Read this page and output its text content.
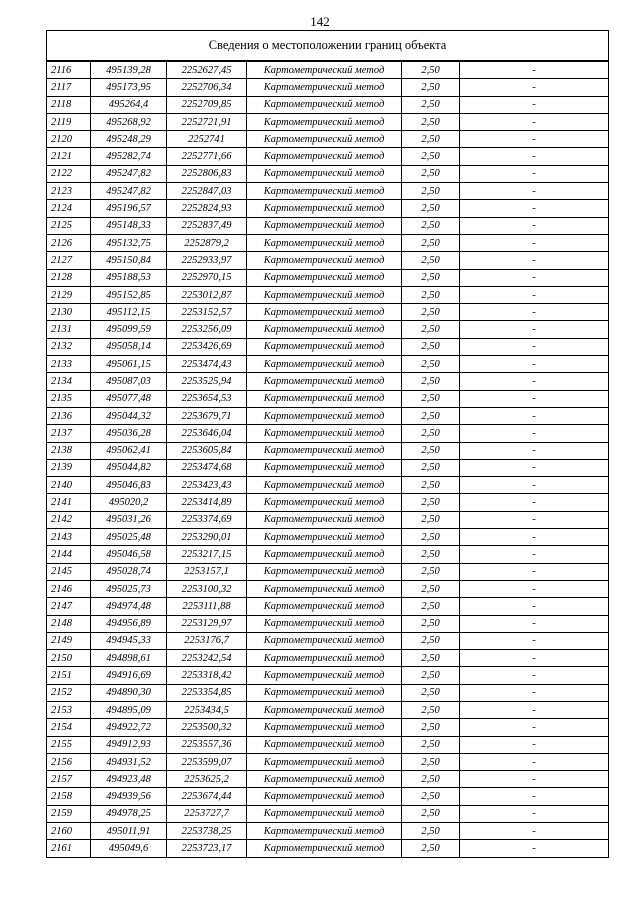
142
Сведения о местоположении границ объекта					
2116	495139,28	2252627,45	Картометрический метод	2,50	-
2117	495173,95	2252706,34	Картометрический метод	2,50	-
2118	495264,4	2252709,85	Картометрический метод	2,50	-
2119	495268,92	2252721,91	Картометрический метод	2,50	-
2120	495248,29	2252741	Картометрический метод	2,50	-
2121	495282,74	2252771,66	Картометрический метод	2,50	-
2122	495247,82	2252806,83	Картометрический метод	2,50	-
2123	495247,82	2252847,03	Картометрический метод	2,50	-
2124	495196,57	2252824,93	Картометрический метод	2,50	-
2125	495148,33	2252837,49	Картометрический метод	2,50	-
2126	495132,75	2252879,2	Картометрический метод	2,50	-
2127	495150,84	2252933,97	Картометрический метод	2,50	-
2128	495188,53	2252970,15	Картометрический метод	2,50	-
2129	495152,85	2253012,87	Картометрический метод	2,50	-
2130	495112,15	2253152,57	Картометрический метод	2,50	-
2131	495099,59	2253256,09	Картометрический метод	2,50	-
2132	495058,14	2253426,69	Картометрический метод	2,50	-
2133	495061,15	2253474,43	Картометрический метод	2,50	-
2134	495087,03	2253525,94	Картометрический метод	2,50	-
2135	495077,48	2253654,53	Картометрический метод	2,50	-
2136	495044,32	2253679,71	Картометрический метод	2,50	-
2137	495036,28	2253646,04	Картометрический метод	2,50	-
2138	495062,41	2253605,84	Картометрический метод	2,50	-
2139	495044,82	2253474,68	Картометрический метод	2,50	-
2140	495046,83	2253423,43	Картометрический метод	2,50	-
2141	495020,2	2253414,89	Картометрический метод	2,50	-
2142	495031,26	2253374,69	Картометрический метод	2,50	-
2143	495025,48	2253290,01	Картометрический метод	2,50	-
2144	495046,58	2253217,15	Картометрический метод	2,50	-
2145	495028,74	2253157,1	Картометрический метод	2,50	-
2146	495025,73	2253100,32	Картометрический метод	2,50	-
2147	494974,48	2253111,88	Картометрический метод	2,50	-
2148	494956,89	2253129,97	Картометрический метод	2,50	-
2149	494945,33	2253176,7	Картометрический метод	2,50	-
2150	494898,61	2253242,54	Картометрический метод	2,50	-
2151	494916,69	2253318,42	Картометрический метод	2,50	-
2152	494890,30	2253354,85	Картометрический метод	2,50	-
2153	494895,09	2253434,5	Картометрический метод	2,50	-
2154	494922,72	2253500,32	Картометрический метод	2,50	-
2155	494912,93	2253557,36	Картометрический метод	2,50	-
2156	494931,52	2253599,07	Картометрический метод	2,50	-
2157	494923,48	2253625,2	Картометрический метод	2,50	-
2158	494939,56	2253674,44	Картометрический метод	2,50	-
2159	494978,25	2253727,7	Картометрический метод	2,50	-
2160	495011,91	2253738,25	Картометрический метод	2,50	-
2161	495049,6	2253723,17	Картометрический метод	2,50	-
